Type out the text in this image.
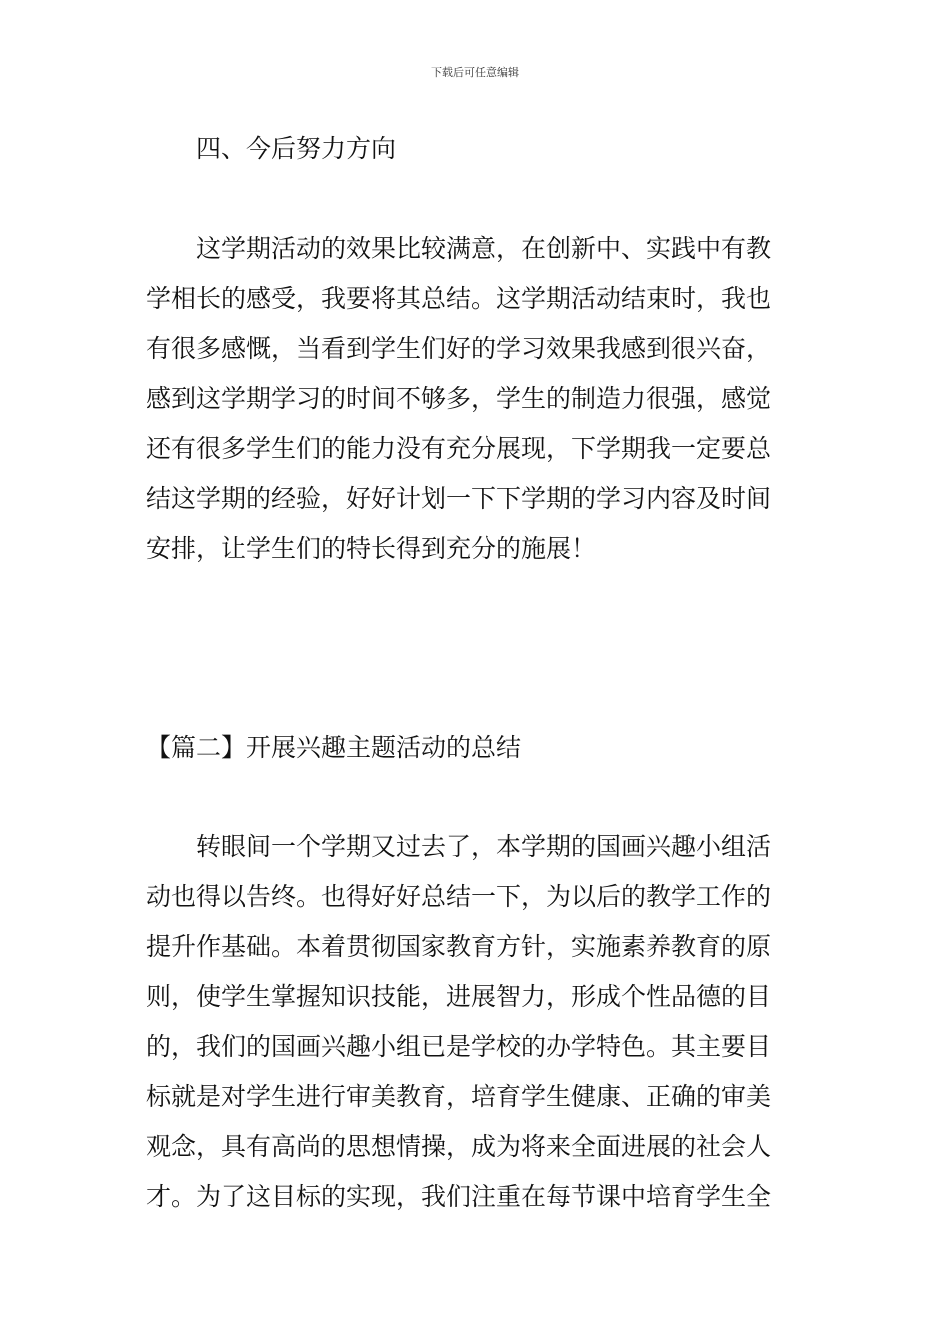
下载后可任意编辑
四、今后努力方向
这学期活动的效果比较满意，在创新中、实践中有教
学相长的感受，我要将其总结。这学期活动结束时，我也
有很多感慨，当看到学生们好的学习效果我感到很兴奋，
感到这学期学习的时间不够多，学生的制造力很强，感觉
还有很多学生们的能力没有充分展现，下学期我一定要总
结这学期的经验，好好计划一下下学期的学习内容及时间
安排，让学生们的特长得到充分的施展！
【篇二】开展兴趣主题活动的总结
转眼间一个学期又过去了，本学期的国画兴趣小组活
动也得以告终。也得好好总结一下，为以后的教学工作的
提升作基础。本着贯彻国家教育方针，实施素养教育的原
则，使学生掌握知识技能，进展智力，形成个性品德的目
的，我们的国画兴趣小组已是学校的办学特色。其主要目
标就是对学生进行审美教育，培育学生健康、正确的审美
观念，具有高尚的思想情操，成为将来全面进展的社会人
才。为了这目标的实现，我们注重在每节课中培育学生全
